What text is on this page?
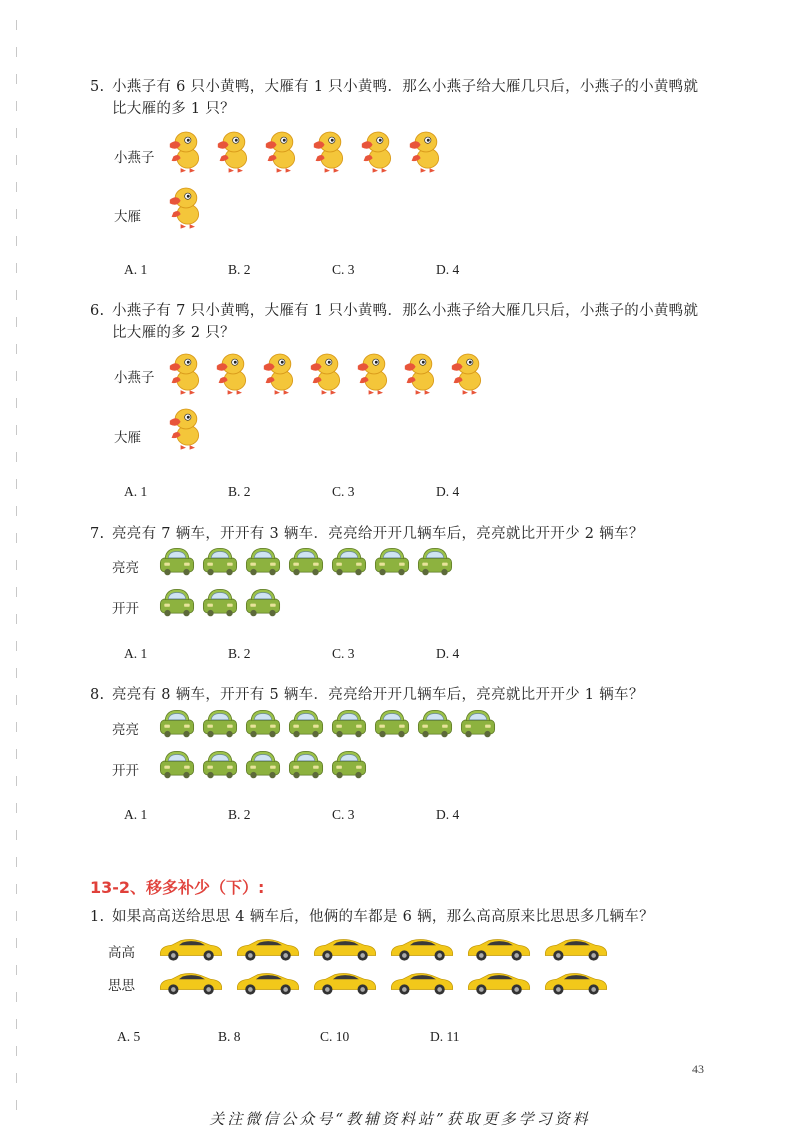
5. 小燕子有 6 只小黄鸭，大雁有 1 只小黄鸭．那么小燕子给大雁几只后，小燕子的小黄鸭就
比大雁的多 1 只？
小燕子
大雁
A. 1	B. 2	C. 3	D. 4
6. 小燕子有 7 只小黄鸭，大雁有 1 只小黄鸭．那么小燕子给大雁几只后，小燕子的小黄鸭就
比大雁的多 2 只？
小燕子
大雁
A. 1	B. 2	C. 3	D. 4
7. 亮亮有 7 辆车，开开有 3 辆车．亮亮给开开几辆车后，亮亮就比开开少 2 辆车？
亮亮
开开
A. 1	B. 2	C. 3	D. 4
8. 亮亮有 8 辆车，开开有 5 辆车．亮亮给开开几辆车后，亮亮就比开开少 1 辆车？
亮亮
开开
A. 1	B. 2	C. 3	D. 4
13-2、移多补少（下）:
1. 如果高高送给思思 4 辆车后，他俩的车都是 6 辆，那么高高原来比思思多几辆车？
高高
思思
A. 5	B. 8	C. 10	D. 11
43
关注微信公众号“教辅资料站”获取更多学习资料
